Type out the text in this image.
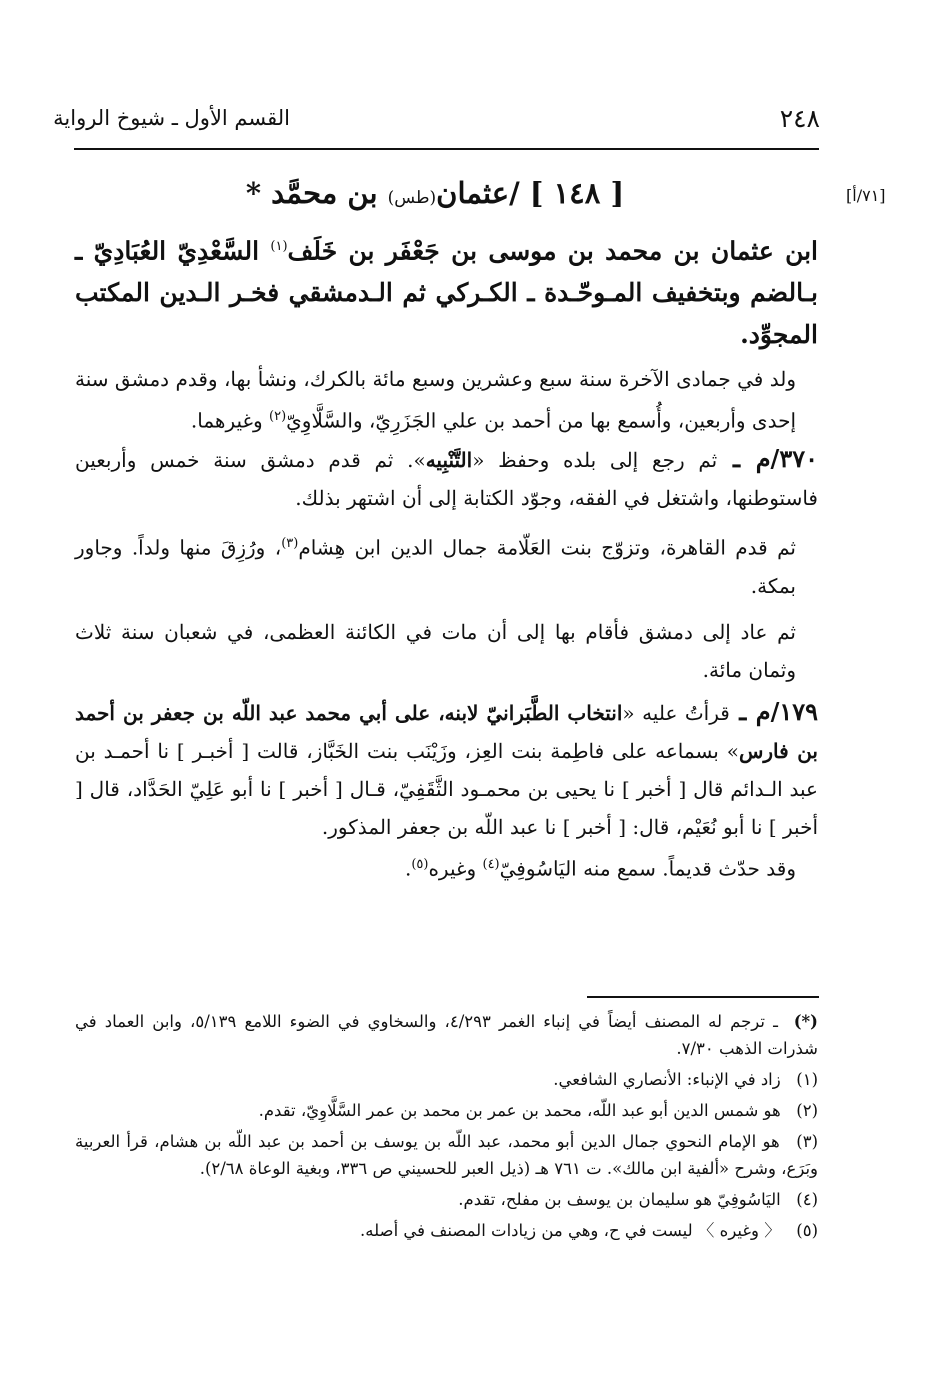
٢٤٨
القسم الأول ـ شيوخ الرواية
[٧١/أ]
[ ١٤٨ ] /عثمان(طس) بن محمَّد *

ابن عثمان بن محمد بن موسى بن جَعْفَر بن خَلَف$^{(١)}$ السَّعْدِيّ العُبَادِيّ ـ بـالضم وبتخفيف المـوحّـدة ـ الكـركي ثم الـدمشقي فخـر الـدين المكتب المجوِّد.

ولد في جمادى الآخرة سنة سبع وعشرين وسبع مائة بالكرك، ونشأ بها، وقدم دمشق سنة إحدى وأربعين، وأُسمع بها من أحمد بن علي الجَزَرِيّ، والسَّلَّاوِيّ$^{(٢)}$ وغيرهما.

٣٧٠/م ـ ثم رجع إلى بلده وحفظ «التَّنْبِيه». ثم قدم دمشق سنة خمس وأربعين فاستوطنها، واشتغل في الفقه، وجوّد الكتابة إلى أن اشتهر بذلك.

ثم قدم القاهرة، وتزوّج بنت العَلّامة جمال الدين ابن هِشام$^{(٣)}$، ورُزِقَ منها ولداً. وجاور بمكة.

ثم عاد إلى دمشق فأقام بها إلى أن مات في الكائنة العظمى، في شعبان سنة ثلاث وثمان مائة.

١٧٩/م ـ قرأتُ عليه «انتخاب الطَّبَرانيّ لابنه، على أبي محمد عبد اللّه بن جعفر بن أحمد بن فارس» بسماعه على فاطِمة بنت العِز، وزَيْنَب بنت الخَبَّاز، قالت [ أخبـر ] نا أحمـد بن عبد الـدائم قال [ أخبر ] نا يحيى بن محمـود الثَّقَفِيّ، قـال [ أخبر ] نا أبو عَلِيّ الحَدَّاد، قال [ أخبر ] نا أبو نُعَيْم، قال: [ أخبر ] نا عبد اللّه بن جعفر المذكور.

وقد حدّث قديماً. سمع منه اليَاسُوفِيّ$^{(٤)}$ وغيره$^{(٥)}$.

(*) ـ ترجم له المصنف أيضاً في إنباء الغمر ٤/٢٩٣، والسخاوي في الضوء اللامع ٥/١٣٩، وابن العماد في شذرات الذهب ٧/٣٠.

(١) زاد في الإنباء: الأنصاري الشافعي.

(٢) هو شمس الدين أبو عبد اللّه، محمد بن عمر بن محمد بن عمر السَّلَّاوِيّ، تقدم.

(٣) هو الإمام النحوي جمال الدين أبو محمد، عبد اللّه بن يوسف بن أحمد بن عبد اللّه بن هشام، قرأ العربية وبَرَع، وشرح «ألفية ابن مالك». ت ٧٦١ هـ (ذيل العبر للحسيني ص ٣٣٦، وبغية الوعاة ٢/٦٨).

(٤) اليَاسُوفِيّ هو سليمان بن يوسف بن مفلح، تقدم.

(٥) 〈 وغيره 〉 ليست في ح، وهي من زيادات المصنف في أصله.
